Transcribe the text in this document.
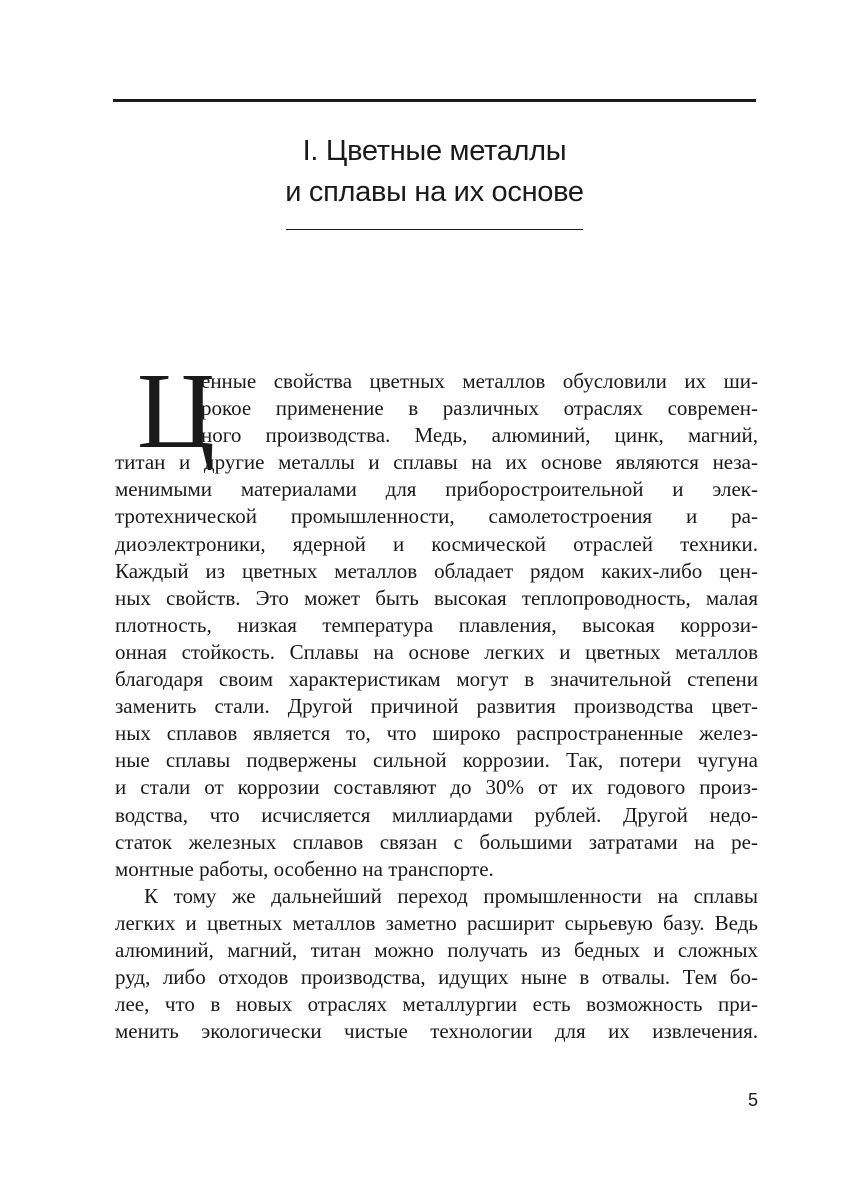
I. Цветные металлы
и сплавы на их основе
Ц
енные свойства цветных металлов обусловили их ши-
рокое применение в различных отраслях современ-
ного производства. Медь, алюминий, цинк, магний,
титан и другие металлы и сплавы на их основе являются неза-
менимыми материалами для приборостроительной и элек-
тротехнической промышленности, самолетостроения и ра-
диоэлектроники, ядерной и космической отраслей техники.
Каждый из цветных металлов обладает рядом каких-либо цен-
ных свойств. Это может быть высокая теплопроводность, малая
плотность, низкая температура плавления, высокая коррози-
онная стойкость. Сплавы на основе легких и цветных металлов
благодаря своим характеристикам могут в значительной степени
заменить стали. Другой причиной развития производства цвет-
ных сплавов является то, что широко распространенные желез-
ные сплавы подвержены сильной коррозии. Так, потери чугуна
и стали от коррозии составляют до 30% от их годового произ-
водства, что исчисляется миллиардами рублей. Другой недо-
статок железных сплавов связан с большими затратами на ре-
монтные работы, особенно на транспорте.
К тому же дальнейший переход промышленности на сплавы
легких и цветных металлов заметно расширит сырьевую базу. Ведь
алюминий, магний, титан можно получать из бедных и сложных
руд, либо отходов производства, идущих ныне в отвалы. Тем бо-
лее, что в новых отраслях металлургии есть возможность при-
менить экологически чистые технологии для их извлечения.
5
